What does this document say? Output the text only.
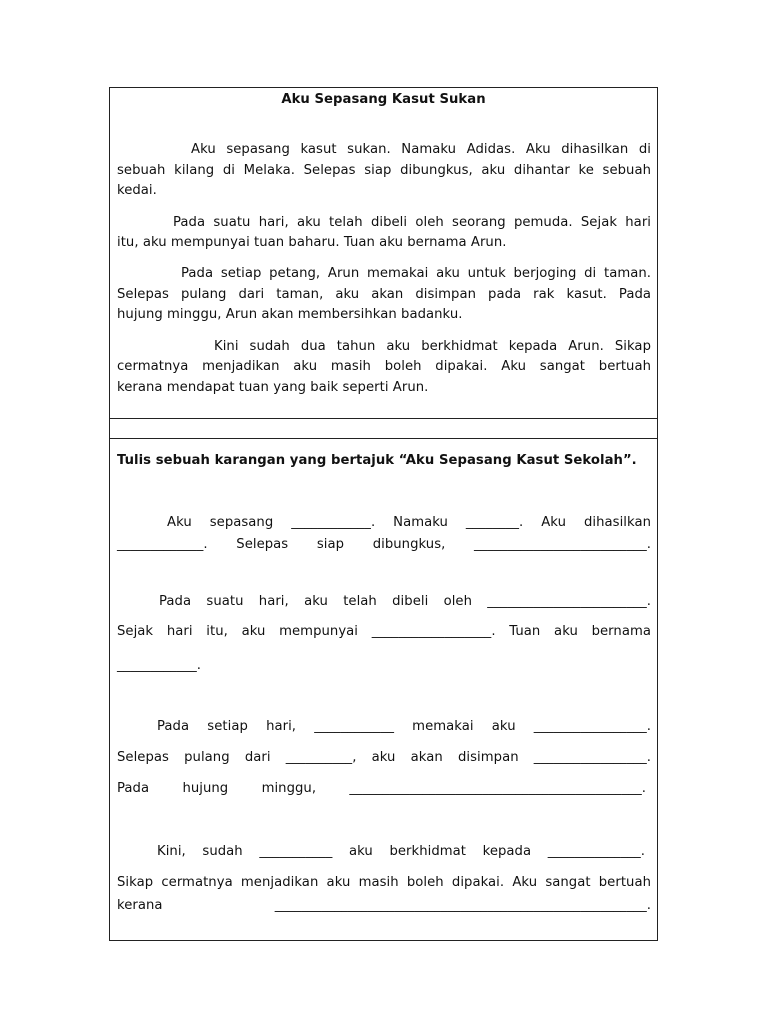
Aku Sepasang Kasut Sukan

Aku sepasang kasut sukan. Namaku Adidas. Aku dihasilkan di

sebuah kilang di Melaka. Selepas siap dibungkus, aku dihantar ke sebuah

kedai.

Pada suatu hari, aku telah dibeli oleh seorang pemuda. Sejak hari

itu, aku mempunyai tuan baharu. Tuan aku bernama Arun.

Pada setiap petang, Arun memakai aku untuk berjoging di taman.

Selepas pulang dari taman, aku akan disimpan pada rak kasut. Pada

hujung minggu, Arun akan membersihkan badanku.

Kini sudah dua tahun aku berkhidmat kepada Arun. Sikap

cermatnya menjadikan aku masih boleh dipakai. Aku sangat bertuah

kerana mendapat tuan yang baik seperti Arun.

Tulis sebuah karangan yang bertajuk “Aku Sepasang Kasut Sekolah”.

Aku sepasang ____________. Namaku ________. Aku dihasilkan

_____________. Selepas siap dibungkus, __________________________.

Pada suatu hari, aku telah dibeli oleh ________________________.

Sejak hari itu, aku mempunyai __________________. Tuan aku bernama

____________.

Pada setiap hari, ____________ memakai aku _________________.

Selepas pulang dari __________, aku akan disimpan _________________.

Pada hujung minggu, ____________________________________________.

Kini, sudah ___________ aku berkhidmat kepada ______________.

Sikap cermatnya menjadikan aku masih boleh dipakai. Aku sangat bertuah

kerana ________________________________________________________.
